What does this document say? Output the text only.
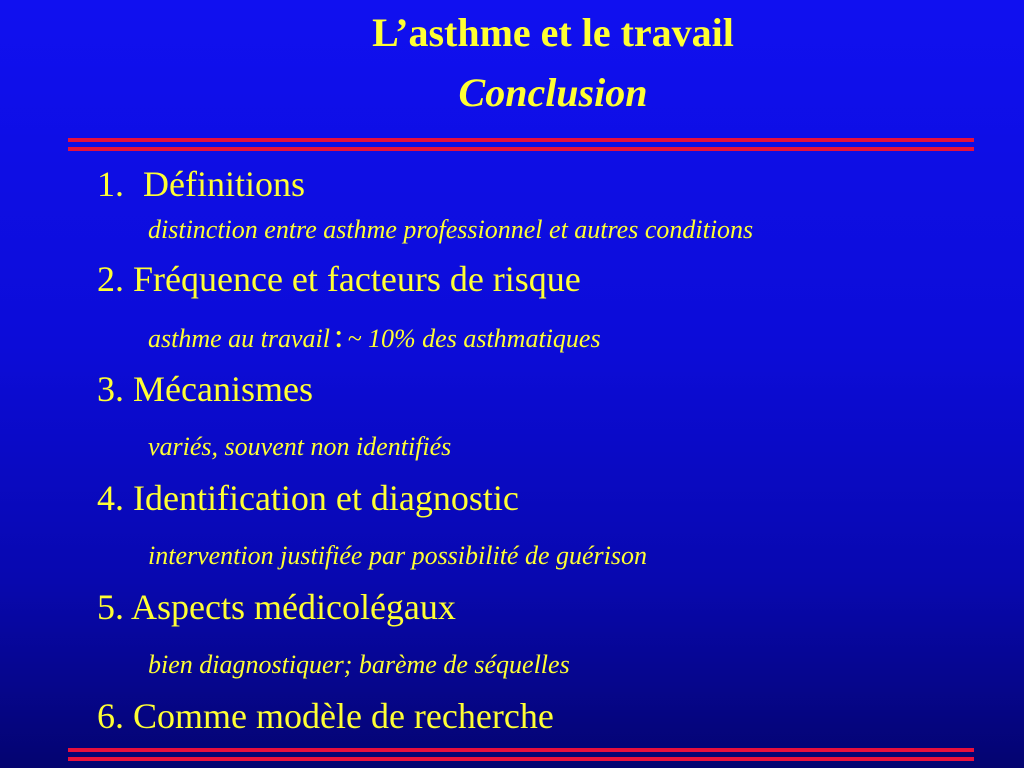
L’asthme et le travail
Conclusion
1. Définitions
distinction entre asthme professionnel et autres conditions
2. Fréquence et facteurs de risque
asthme au travail : ~ 10% des asthmatiques
3. Mécanismes
variés, souvent non identifiés
4. Identification et diagnostic
intervention justifiée par possibilité de guérison
5. Aspects médicolégaux
bien diagnostiquer; barème de séquelles
6. Comme modèle de recherche
